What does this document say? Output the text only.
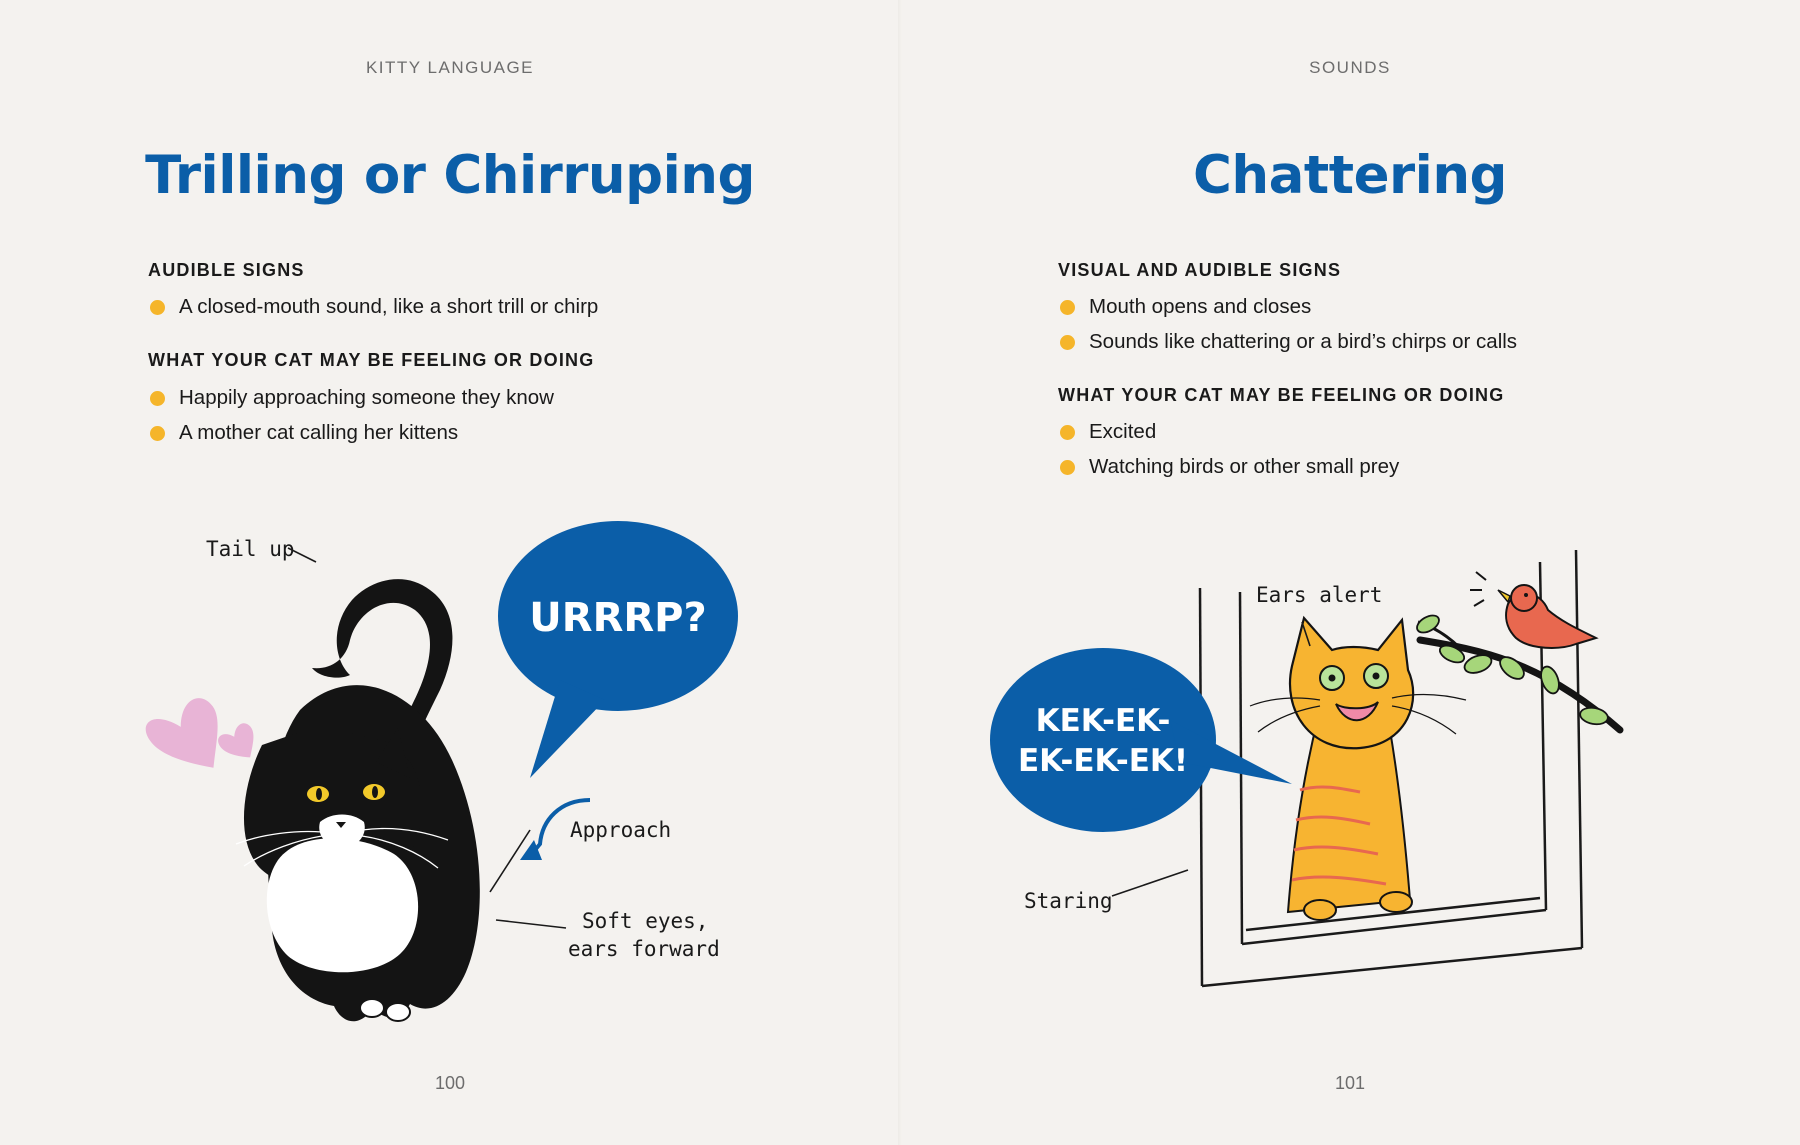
KITTY LANGUAGE
Trilling or Chirruping
AUDIBLE SIGNS
A closed-mouth sound, like a short trill or chirp
WHAT YOUR CAT MAY BE FEELING OR DOING
Happily approaching someone they know
A mother cat calling her kittens
URRRP?
Tail up
Approach
Soft eyes,
ears forward
100
SOUNDS
Chattering
VISUAL AND AUDIBLE SIGNS
Mouth opens and closes
Sounds like chattering or a bird’s chirps or calls
WHAT YOUR CAT MAY BE FEELING OR DOING
Excited
Watching birds or other small prey
KEK-EK-
EK-EK-EK!
Ears alert
Staring
101
